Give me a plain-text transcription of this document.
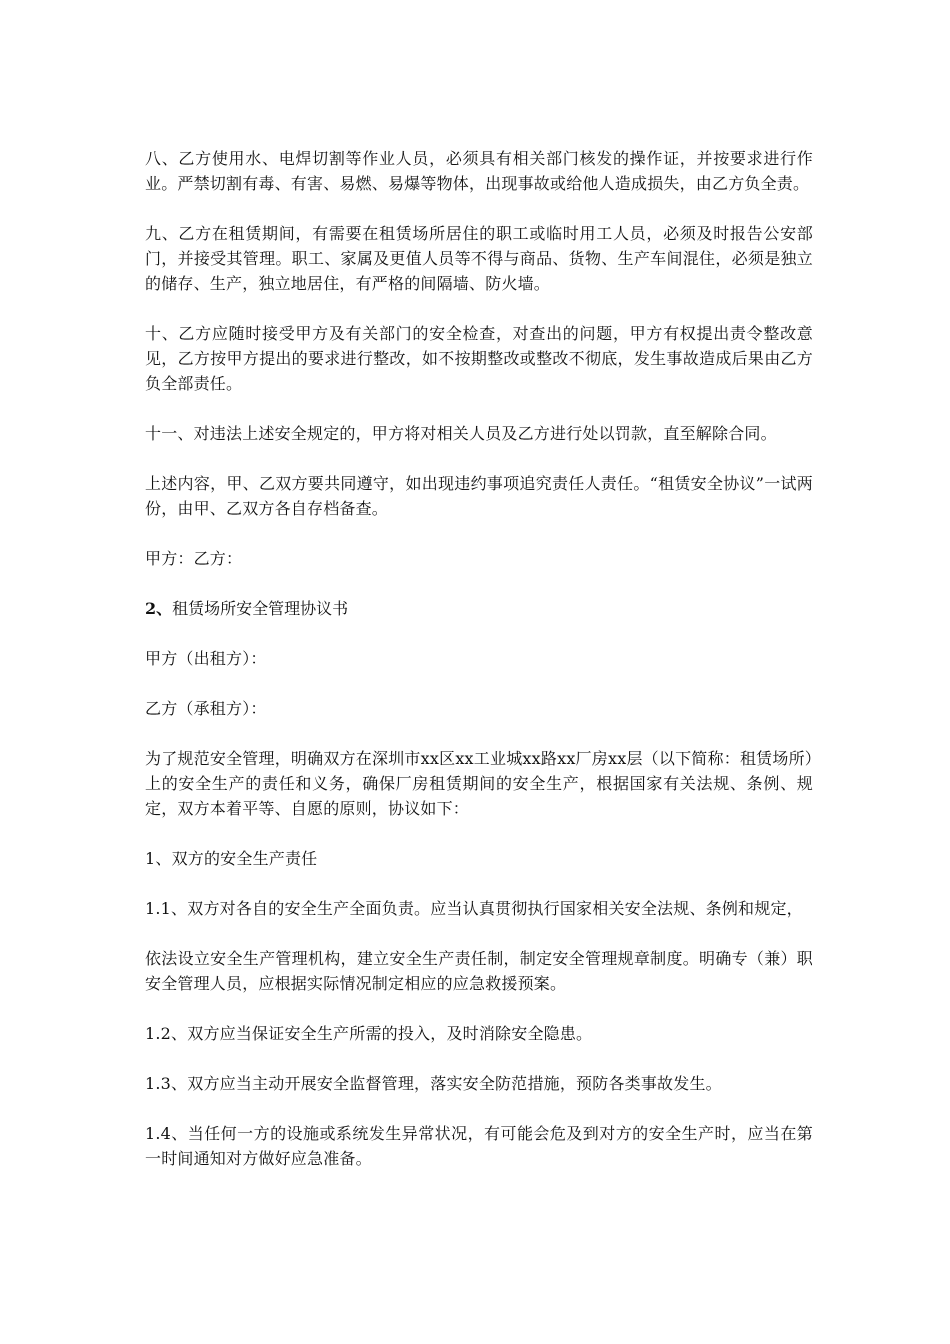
八、乙方使用水、电焊切割等作业人员，必须具有相关部门核发的操作证，并按要求进行作业。严禁切割有毒、有害、易燃、易爆等物体，出现事故或给他人造成损失，由乙方负全责。

九、乙方在租赁期间，有需要在租赁场所居住的职工或临时用工人员，必须及时报告公安部门，并接受其管理。职工、家属及更值人员等不得与商品、货物、生产车间混住，必须是独立的储存、生产，独立地居住，有严格的间隔墙、防火墙。

十、乙方应随时接受甲方及有关部门的安全检查，对查出的问题，甲方有权提出责令整改意见，乙方按甲方提出的要求进行整改，如不按期整改或整改不彻底，发生事故造成后果由乙方负全部责任。

十一、对违法上述安全规定的，甲方将对相关人员及乙方进行处以罚款，直至解除合同。

上述内容，甲、乙双方要共同遵守，如出现违约事项追究责任人责任。“租赁安全协议”一试两份，由甲、乙双方各自存档备查。

甲方：乙方：

2、租赁场所安全管理协议书

甲方（出租方）：

乙方（承租方）：

为了规范安全管理，明确双方在深圳市xx区xx工业城xx路xx厂房xx层（以下简称：租赁场所）上的安全生产的责任和义务，确保厂房租赁期间的安全生产，根据国家有关法规、条例、规定，双方本着平等、自愿的原则，协议如下：

1、双方的安全生产责任

1.1、双方对各自的安全生产全面负责。应当认真贯彻执行国家相关安全法规、条例和规定，

依法设立安全生产管理机构，建立安全生产责任制，制定安全管理规章制度。明确专（兼）职安全管理人员，应根据实际情况制定相应的应急救援预案。

1.2、双方应当保证安全生产所需的投入，及时消除安全隐患。

1.3、双方应当主动开展安全监督管理，落实安全防范措施，预防各类事故发生。

1.4、当任何一方的设施或系统发生异常状况，有可能会危及到对方的安全生产时，应当在第一时间通知对方做好应急准备。
